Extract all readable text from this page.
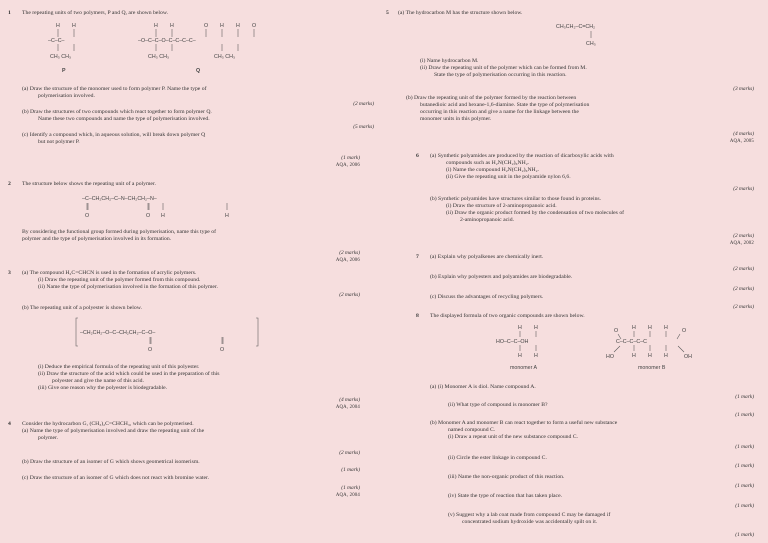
1 The repeating units of two polymers, P and Q, are shown below.
H H
–C–C–
CH₃ CH₃
P
H H	O H H O
–O–C–C–O–C–C–C–C–
CH₃ CH₃	CH₃ CH₃
Q
(a) Draw the structure of the monomer used to form polymer P. Name the type of
polymerisation involved.
(2 marks)
(b) Draw the structures of two compounds which react together to form polymer Q.
Name these two compounds and name the type of polymerisation involved.
(5 marks)
(c) Identify a compound which, in aqueous solution, will break down polymer Q
but not polymer P.
(1 mark)
AQA, 2006
2 The structure below shows the repeating unit of a polymer.
–C–CH₂CH₂–C–N–CH₂CH₂–N–
O	O H	H
By considering the functional group formed during polymerisation, name this type of
polymer and the type of polymerisation involved in its formation.
(2 marks)
AQA, 2006
3 (a) The compound H₂C=CHCN is used in the formation of acrylic polymers.
(i) Draw the repeating unit of the polymer formed from this compound.
(ii) Name the type of polymerisation involved in the formation of this polymer.
(2 marks)
(b) The repeating unit of a polyester is shown below.
–CH₂CH₂–O–C–CH₂CH₂–C–O–
O	O
(i) Deduce the empirical formula of the repeating unit of this polyester.
(ii) Draw the structure of the acid which could be used in the preparation of this
polyester and give the name of this acid.
(iii) Give one reason why the polyester is biodegradable.
(4 marks)
AQA, 2004
4 Consider the hydrocarbon G, (CH₃)₂C=CHCH₃, which can be polymerised.
(a) Name the type of polymerisation involved and draw the repeating unit of the
polymer.
(2 marks)
(b) Draw the structure of an isomer of G which shows geometrical isomerism.
(1 mark)
(c) Draw the structure of an isomer of G which does not react with bromine water.
(1 mark)
AQA, 2004
5 (a) The hydrocarbon M has the structure shown below.
CH₃CH₂–C=CH₂
CH₃
(i) Name hydrocarbon M.
(ii) Draw the repeating unit of the polymer which can be formed from M.
State the type of polymerisation occurring in this reaction.
(3 marks)
(b) Draw the repeating unit of the polymer formed by the reaction between
butanedioic acid and hexane-1,6-diamine. State the type of polymerisation
occurring in this reaction and give a name for the linkage between the
monomer units in this polymer.
(4 marks)
AQA, 2005
6 (a) Synthetic polyamides are produced by the reaction of dicarboxylic acids with
compounds such as H₂N(CH₂)₆NH₂.
(i) Name the compound H₂N(CH₂)₆NH₂.
(ii) Give the repeating unit in the polyamide nylon 6,6.
(2 marks)
(b) Synthetic polyamides have structures similar to those found in proteins.
(i) Draw the structure of 2-aminopropanoic acid.
(ii) Draw the organic product formed by the condensation of two molecules of
2-aminopropanoic acid.
(2 marks)
AQA, 2002
7 (a) Explain why polyalkenes are chemically inert.
(2 marks)
(b) Explain why polyesters and polyamides are biodegradable.
(2 marks)
(c) Discuss the advantages of recycling polymers.
(2 marks)
8 The displayed formula of two organic compounds are shown below.
H H
HO–C–C–OH
H H
monomer A
O	H H H	O
C–C–C–C–C
HO	H H H	OH
monomer B
(a) (i) Monomer A is diol. Name compound A.
(1 mark)
(ii) What type of compound is monomer B?
(1 mark)
(b) Monomer A and monomer B can react together to form a useful new substance
named compound C.
(i) Draw a repeat unit of the new substance compound C.
(1 mark)
(ii) Circle the ester linkage in compound C.
(1 mark)
(iii) Name the non-organic product of this reaction.
(1 mark)
(iv) State the type of reaction that has taken place.
(1 mark)
(v) Suggest why a lab coat made from compound C may be damaged if
concentrated sodium hydroxide was accidentally spilt on it.
(1 mark)
